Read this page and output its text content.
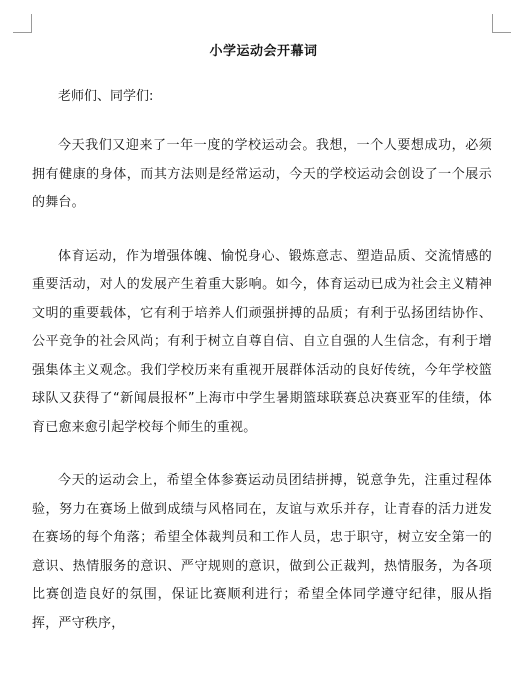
小学运动会开幕词

老师们、同学们:

今天我们又迎来了一年一度的学校运动会。我想，一个人要想成功，必须拥有健康的身体，而其方法则是经常运动，今天的学校运动会创设了一个展示的舞台。

体育运动，作为增强体魄、愉悦身心、锻炼意志、塑造品质、交流情感的重要活动，对人的发展产生着重大影响。如今，体育运动已成为社会主义精神文明的重要载体，它有利于培养人们顽强拼搏的品质；有利于弘扬团结协作、公平竞争的社会风尚；有利于树立自尊自信、自立自强的人生信念，有利于增强集体主义观念。我们学校历来有重视开展群体活动的良好传统，今年学校篮球队又获得了“新闻晨报杯”上海市中学生暑期篮球联赛总决赛亚军的佳绩，体育已愈来愈引起学校每个师生的重视。

今天的运动会上，希望全体参赛运动员团结拼搏，锐意争先，注重过程体验，努力在赛场上做到成绩与风格同在，友谊与欢乐并存，让青春的活力迸发在赛场的每个角落；希望全体裁判员和工作人员，忠于职守，树立安全第一的意识、热情服务的意识、严守规则的意识，做到公正裁判，热情服务，为各项比赛创造良好的氛围，保证比赛顺利进行；希望全体同学遵守纪律，服从指挥，严守秩序，
